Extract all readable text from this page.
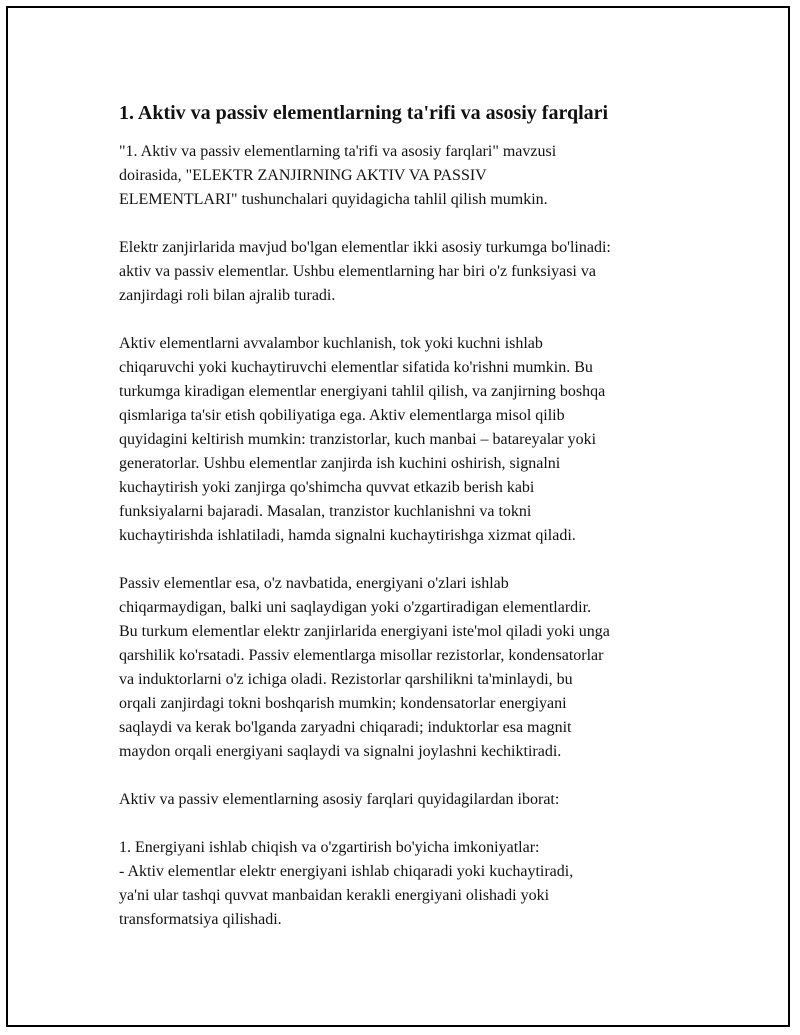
1. Aktiv va passiv elementlarning ta'rifi va asosiy farqlari

"1. Aktiv va passiv elementlarning ta'rifi va asosiy farqlari" mavzusi
doirasida, "ELEKTR ZANJIRNING AKTIV VA PASSIV
ELEMENTLARI" tushunchalari quyidagicha tahlil qilish mumkin.

Elektr zanjirlarida mavjud bo'lgan elementlar ikki asosiy turkumga bo'linadi:
aktiv va passiv elementlar. Ushbu elementlarning har biri o'z funksiyasi va
zanjirdagi roli bilan ajralib turadi.

Aktiv elementlarni avvalambor kuchlanish, tok yoki kuchni ishlab
chiqaruvchi yoki kuchaytiruvchi elementlar sifatida ko'rishni mumkin. Bu
turkumga kiradigan elementlar energiyani tahlil qilish, va zanjirning boshqa
qismlariga ta'sir etish qobiliyatiga ega. Aktiv elementlarga misol qilib
quyidagini keltirish mumkin: tranzistorlar, kuch manbai – batareyalar yoki
generatorlar. Ushbu elementlar zanjirda ish kuchini oshirish, signalni
kuchaytirish yoki zanjirga qo'shimcha quvvat etkazib berish kabi
funksiyalarni bajaradi. Masalan, tranzistor kuchlanishni va tokni
kuchaytirishda ishlatiladi, hamda signalni kuchaytirishga xizmat qiladi.

Passiv elementlar esa, o'z navbatida, energiyani o'zlari ishlab
chiqarmaydigan, balki uni saqlaydigan yoki o'zgartiradigan elementlardir.
Bu turkum elementlar elektr zanjirlarida energiyani iste'mol qiladi yoki unga
qarshilik ko'rsatadi. Passiv elementlarga misollar rezistorlar, kondensatorlar
va induktorlarni o'z ichiga oladi. Rezistorlar qarshilikni ta'minlaydi, bu
orqali zanjirdagi tokni boshqarish mumkin; kondensatorlar energiyani
saqlaydi va kerak bo'lganda zaryadni chiqaradi; induktorlar esa magnit
maydon orqali energiyani saqlaydi va signalni joylashni kechiktiradi.

Aktiv va passiv elementlarning asosiy farqlari quyidagilardan iborat:

1. Energiyani ishlab chiqish va o'zgartirish bo'yicha imkoniyatlar:
- Aktiv elementlar elektr energiyani ishlab chiqaradi yoki kuchaytiradi,
ya'ni ular tashqi quvvat manbaidan kerakli energiyani olishadi yoki
transformatsiya qilishadi.
